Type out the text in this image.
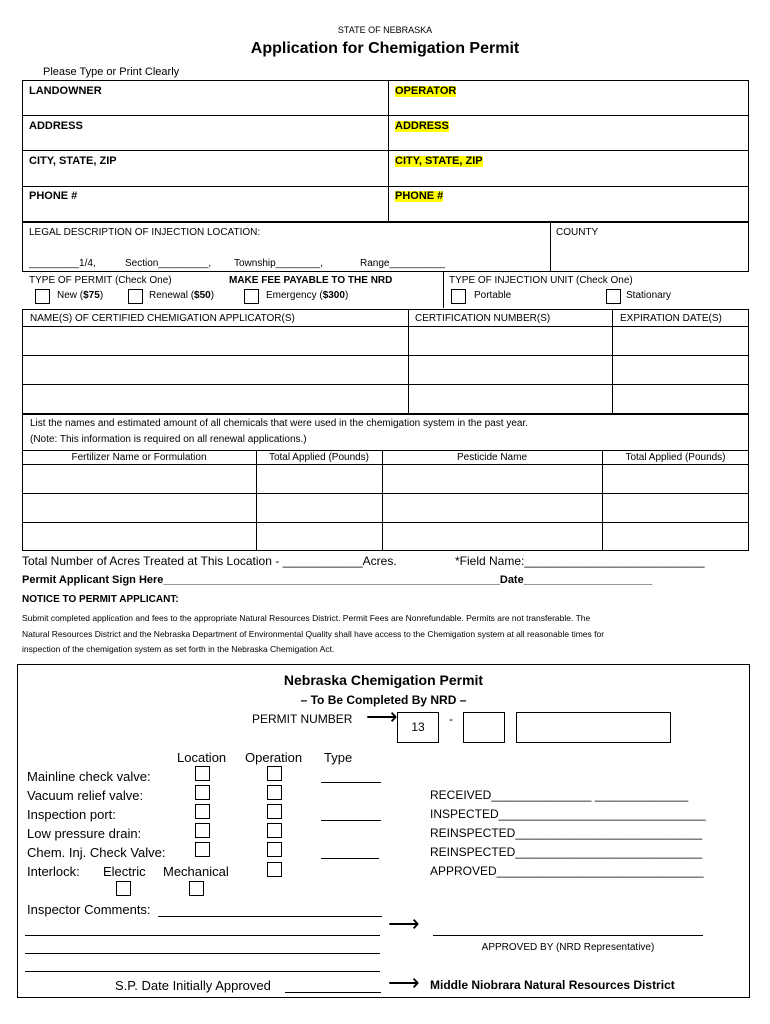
STATE OF NEBRASKA
Application for Chemigation Permit
Please Type or Print Clearly
LANDOWNER	OPERATOR
ADDRESS	ADDRESS
CITY, STATE, ZIP	CITY, STATE, ZIP
PHONE #	PHONE #
LEGAL DESCRIPTION OF INJECTION LOCATION:	COUNTY
_________1/4,	Section_________, Township________,	Range__________
TYPE OF PERMIT (Check One)	MAKE FEE PAYABLE TO THE NRD
New ($75)	Renewal ($50)	Emergency ($300)
TYPE OF INJECTION UNIT (Check One)
Portable	Stationary
NAME(S) OF CERTIFIED CHEMIGATION APPLICATOR(S)	CERTIFICATION NUMBER(S)	EXPIRATION DATE(S)
List the names and estimated amount of all chemicals that were used in the chemigation system in the past year.
(Note: This information is required on all renewal applications.)
Fertilizer Name or Formulation	Total Applied (Pounds)	Pesticide Name	Total Applied (Pounds)
Total Number of Acres Treated at This Location - ____________Acres.	*Field Name:___________________________
Permit Applicant Sign Here_______________________________________________________Date_____________________
NOTICE TO PERMIT APPLICANT:
Submit completed application and fees to the appropriate Natural Resources District. Permit Fees are Nonrefundable. Permits are not transferable. The
Natural Resources District and the Nebraska Department of Environmental Quality shall have access to the Chemigation system at all reasonable times for
inspection of the chemigation system as set forth in the Nebraska Chemigation Act.
Nebraska Chemigation Permit
– To Be Completed By NRD –
PERMIT NUMBER ⟶	13
-
Location Operation Type
Mainline check valve:
Vacuum relief valve:
Inspection port:
Low pressure drain:
Chem. Inj. Check Valve:
Interlock: Electric Mechanical
RECEIVED_______________ ______________
INSPECTED_______________________________
REINSPECTED____________________________
REINSPECTED____________________________
APPROVED_______________________________
Inspector Comments:
⟶
APPROVED BY (NRD Representative)
S.P. Date Initially Approved	⟶ Middle Niobrara Natural Resources District
